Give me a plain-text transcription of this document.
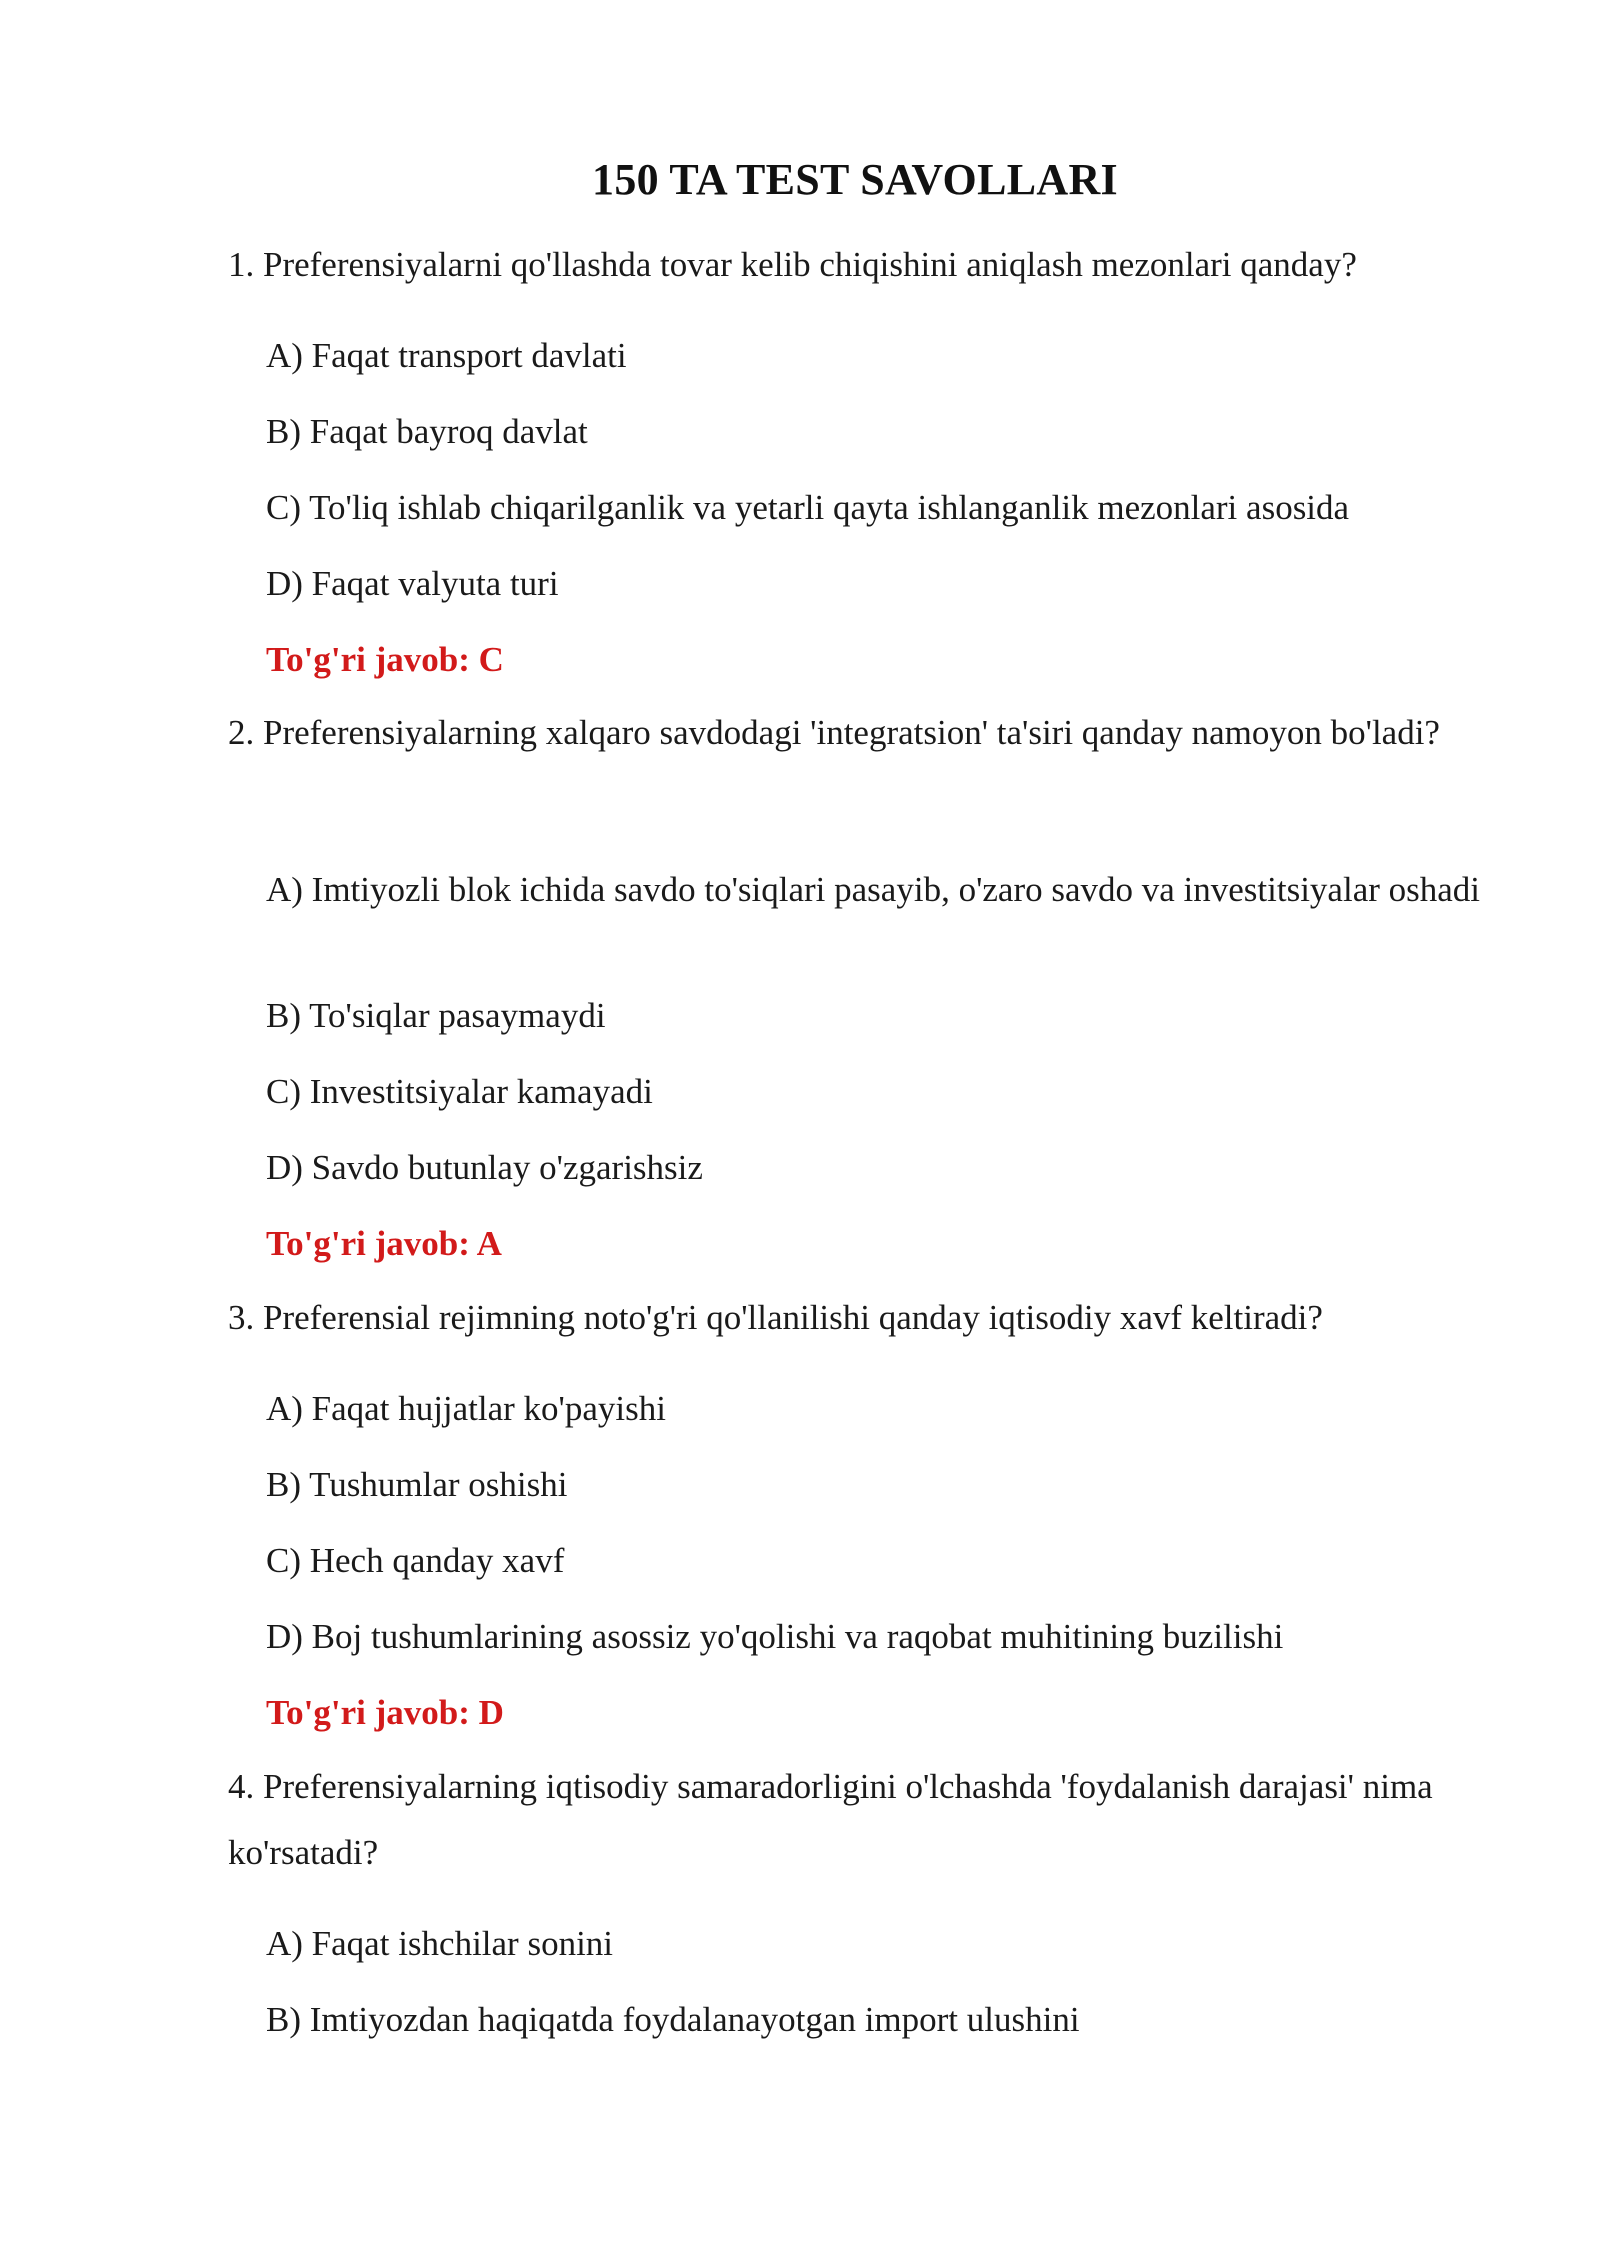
150 TA TEST SAVOLLARI
1. Preferensiyalarni qo'llashda tovar kelib chiqishini aniqlash mezonlari qanday?
A) Faqat transport davlati
B) Faqat bayroq davlat
C) To'liq ishlab chiqarilganlik va yetarli qayta ishlanganlik mezonlari asosida
D) Faqat valyuta turi
To'g'ri javob: C
2. Preferensiyalarning xalqaro savdodagi 'integratsion' ta'siri qanday namoyon bo'ladi?
A) Imtiyozli blok ichida savdo to'siqlari pasayib, o'zaro savdo va investitsiyalar oshadi
B) To'siqlar pasaymaydi
C) Investitsiyalar kamayadi
D) Savdo butunlay o'zgarishsiz
To'g'ri javob: A
3. Preferensial rejimning noto'g'ri qo'llanilishi qanday iqtisodiy xavf keltiradi?
A) Faqat hujjatlar ko'payishi
B) Tushumlar oshishi
C) Hech qanday xavf
D) Boj tushumlarining asossiz yo'qolishi va raqobat muhitining buzilishi
To'g'ri javob: D
4. Preferensiyalarning iqtisodiy samaradorligini o'lchashda 'foydalanish darajasi' nima ko'rsatadi?
A) Faqat ishchilar sonini
B) Imtiyozdan haqiqatda foydalanayotgan import ulushini
